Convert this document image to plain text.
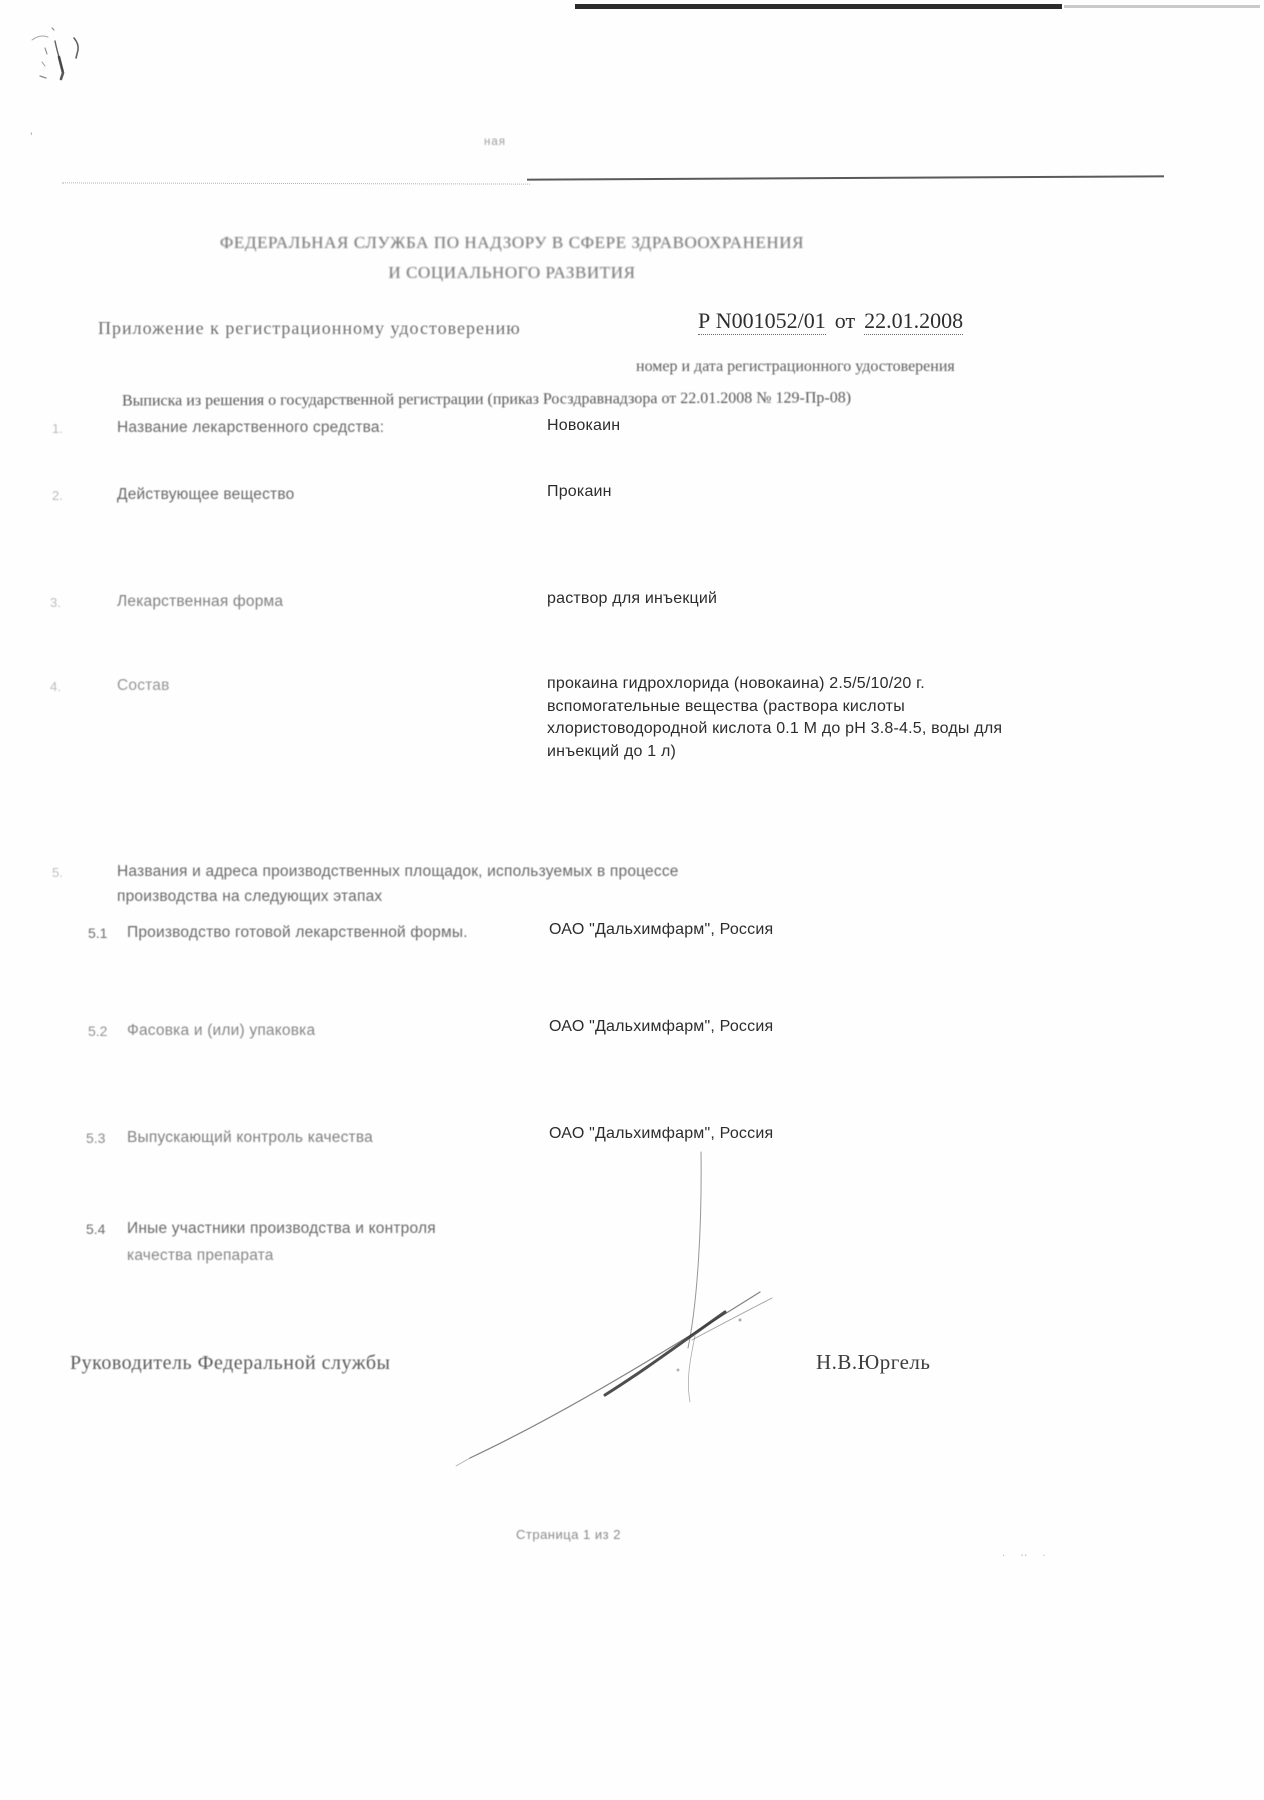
’	ная
ФЕДЕРАЛЬНАЯ СЛУЖБА ПО НАДЗОРУ В СФЕРЕ ЗДРАВООХРАНЕНИЯ
И СОЦИАЛЬНОГО РАЗВИТИЯ
Приложение к регистрационному удостоверению	Р N001052/01 от 22.01.2008
номер и дата регистрационного удостоверения
Выписка из решения о государственной регистрации (приказ Росздравнадзора от 22.01.2008 № 129-Пр-08)
1.	Название лекарственного средства:	Новокаин
2.	Действующее вещество	Прокаин
3.	Лекарственная форма	раствор для инъекций
4.	Состав	прокаина гидрохлорида (новокаина) 2.5/5/10/20 г.
вспомогательные вещества (раствора кислоты
хлористоводородной кислота 0.1 М до рН 3.8-4.5, воды для
инъекций до 1 л)
5.	Названия и адреса производственных площадок, используемых в процессе
производства на следующих этапах
5.1 Производство готовой лекарственной формы.	ОАО "Дальхимфарм", Россия
5.2 Фасовка и (или) упаковка	ОАО "Дальхимфарм", Россия
5.3 Выпускающий контроль качества	ОАО "Дальхимфарм", Россия
5.4 Иные участники производства и контроля
качества препарата
Руководитель Федеральной службы	Н.В.Юргель
Страница 1 из 2
. ‥ .
